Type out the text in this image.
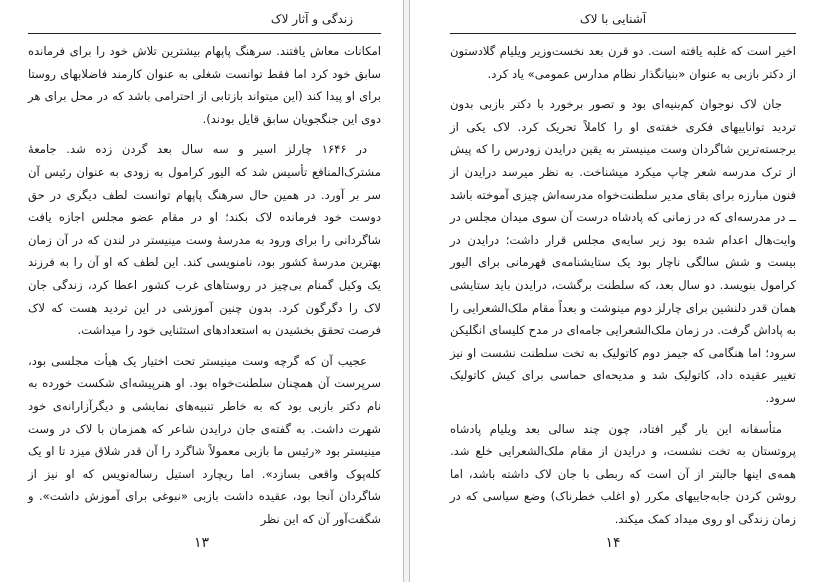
زندگی و آثار لاک

امکانات معاش یافتند. سرهنگ پاپهام بیشترین تلاش خود را برای فرمانده سابق خود کرد اما فقط توانست شغلی به عنوان کارمند فاضلابهای روستا برای او پیدا کند (این میتواند بازتابی از احترامی باشد که در محل برای هر دوی این جنگجویان سابق قایل بودند).

در ۱۶۴۶ چارلز اسیر و سه سال بعد گردن زده شد. جامعهٔ مشترک‌المنافع تأسیس شد که الیور کرامول به زودی به عنوان رئیس آن سر بر آورد. در همین حال سرهنگ پاپهام توانست لطف دیگری در حق دوست خود فرمانده لاک بکند؛ او در مقام عضو مجلس اجازه یافت شاگردانی را برای ورود به مدرسهٔ وست مینیستر در لندن که در آن زمان بهترین مدرسهٔ کشور بود، نامنویسی کند. این لطف که او آن را به فرزند یک وکیل گمنام بی‌چیز در روستاهای غرب کشور اعطا کرد، زندگی جان لاک را دگرگون کرد. بدون چنین آموزشی در این تردید هست که لاک فرصت تحقق بخشیدن به استعدادهای استثنایی خود را میداشت.

عجیب آن که گرچه وست مینیستر تحت اختیار یک هیأت مجلسی بود، سرپرست آن همچنان سلطنت‌خواه بود. او هنرپیشه‌ای شکست خورده به نام دکتر بازبی بود که به خاطر تنبیه‌های نمایشی و دیگرآزارانه‌ی خود شهرت داشت. به گفته‌ی جان درایدن شاعر که همزمان با لاک در وست مینیستر بود «رئیس ما بازبی معمولاً شاگرد را آن قدر شلاق میزد تا او یک کله‌پوک واقعی بسازد». اما ریچارد استیل رساله‌نویس که او نیز از شاگردان آنجا بود، عقیده داشت بازبی «نبوغی برای آموزش داشت». و شگفت‌آور آن که این نظر

۱۳
آشنایی با لاک

اخیر است که غلبه یافته است. دو قرن بعد نخست‌وزیر ویلیام گلادستون از دکتر بازبی به عنوان «بنیانگذار نظام مدارس عمومی» یاد کرد.

جان لاک نوجوان کم‌بنیه‌ای بود و تصور برخورد با دکتر بازبی بدون تردید تواناییهای فکری خفته‌ی او را کاملاً تحریک کرد. لاک یکی از برجسته‌ترین شاگردان وست مینیستر به یقین درایدن زودرس را که پیش از ترک مدرسه شعر چاپ میکرد میشناخت. به نظر میرسد درایدن از فنون مبارزه برای بقای مدیر سلطنت‌خواه مدرسه‌اش چیزی آموخته باشد ــ در مدرسه‌ای که در زمانی که پادشاه درست آن سوی میدان مجلس در وایت‌هال اعدام شده بود زیر سایه‌ی مجلس قرار داشت؛ درایدن در بیست و شش سالگی ناچار بود یک ستایشنامه‌ی قهرمانی برای الیور کرامول بنویسد. دو سال بعد، که سلطنت برگشت، درایدن باید ستایشی همان قدر دلنشین برای چارلز دوم مینوشت و بعداً مقام ملک‌الشعرایی را به پاداش گرفت. در زمان ملک‌الشعرایی جامه‌ای در مدح کلیسای انگلیکن سرود؛ اما هنگامی که جیمز دوم کاتولیک به تخت سلطنت نشست او نیز تغییر عقیده داد، کاتولیک شد و مدیحه‌ای حماسی برای کیش کاتولیک سرود.

متأسفانه این بار گیر افتاد، چون چند سالی بعد ویلیام پادشاه پروتستان به تخت نشست، و درایدن از مقام ملک‌الشعرایی خلع شد. همه‌ی اینها جالبتر از آن است که ربطی با جان لاک داشته باشد، اما روشن کردن جابه‌جاییهای مکرر (و اغلب خطرناک) وضع سیاسی که در زمان زندگی او روی میداد کمک میکند.

۱۴
